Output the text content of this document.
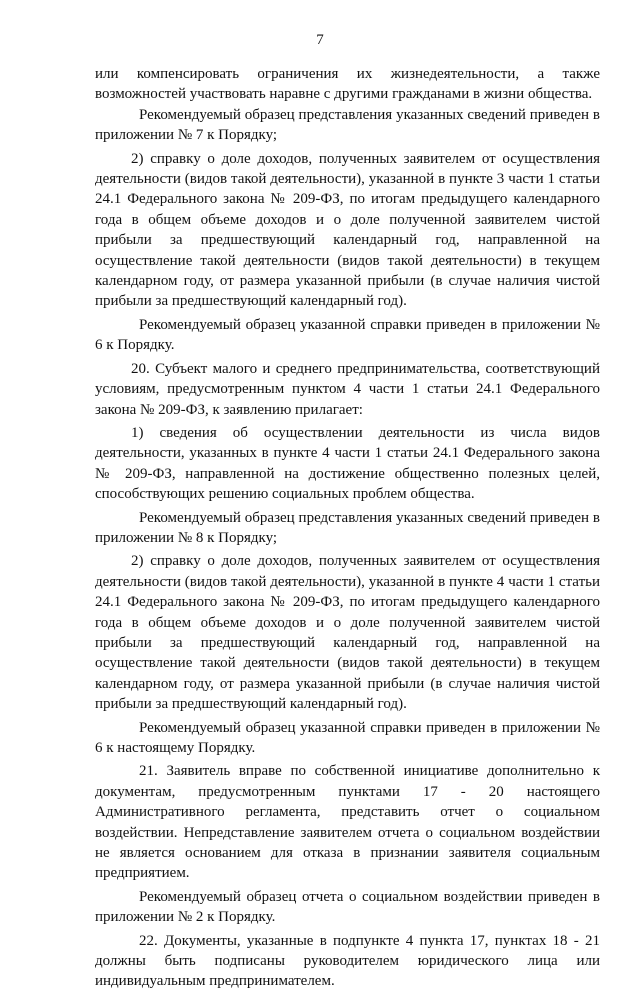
7

или компенсировать ограничения их жизнедеятельности, а также возможностей участвовать наравне с другими гражданами в жизни общества.

Рекомендуемый образец представления указанных сведений приведен в приложении № 7 к Порядку;

2) справку о доле доходов, полученных заявителем от осуществления деятельности (видов такой деятельности), указанной в пункте 3 части 1 статьи 24.1 Федерального закона № 209-ФЗ, по итогам предыдущего календарного года в общем объеме доходов и о доле полученной заявителем чистой прибыли за предшествующий календарный год, направленной на осуществление такой деятельности (видов такой деятельности) в текущем календарном году, от размера указанной прибыли (в случае наличия чистой прибыли за предшествующий календарный год).

Рекомендуемый образец указанной справки приведен в приложении № 6 к Порядку.

20. Субъект малого и среднего предпринимательства, соответствующий условиям, предусмотренным пунктом 4 части 1 статьи 24.1 Федерального закона № 209-ФЗ, к заявлению прилагает:

1) сведения об осуществлении деятельности из числа видов деятельности, указанных в пункте 4 части 1 статьи 24.1 Федерального закона № 209-ФЗ, направленной на достижение общественно полезных целей, способствующих решению социальных проблем общества.

Рекомендуемый образец представления указанных сведений приведен в приложении № 8 к Порядку;

2) справку о доле доходов, полученных заявителем от осуществления деятельности (видов такой деятельности), указанной в пункте 4 части 1 статьи 24.1 Федерального закона № 209-ФЗ, по итогам предыдущего календарного года в общем объеме доходов и о доле полученной заявителем чистой прибыли за предшествующий календарный год, направленной на осуществление такой деятельности (видов такой деятельности) в текущем календарном году, от размера указанной прибыли (в случае наличия чистой прибыли за предшествующий календарный год).

Рекомендуемый образец указанной справки приведен в приложении № 6 к настоящему Порядку.

21. Заявитель вправе по собственной инициативе дополнительно к документам, предусмотренным пунктами 17 - 20 настоящего Административного регламента, представить отчет о социальном воздействии. Непредставление заявителем отчета о социальном воздействии не является основанием для отказа в признании заявителя социальным предприятием.

Рекомендуемый образец отчета о социальном воздействии приведен в приложении № 2 к Порядку.

22. Документы, указанные в подпункте 4 пункта 17, пунктах 18 - 21 должны быть подписаны руководителем юридического лица или индивидуальным предпринимателем.
